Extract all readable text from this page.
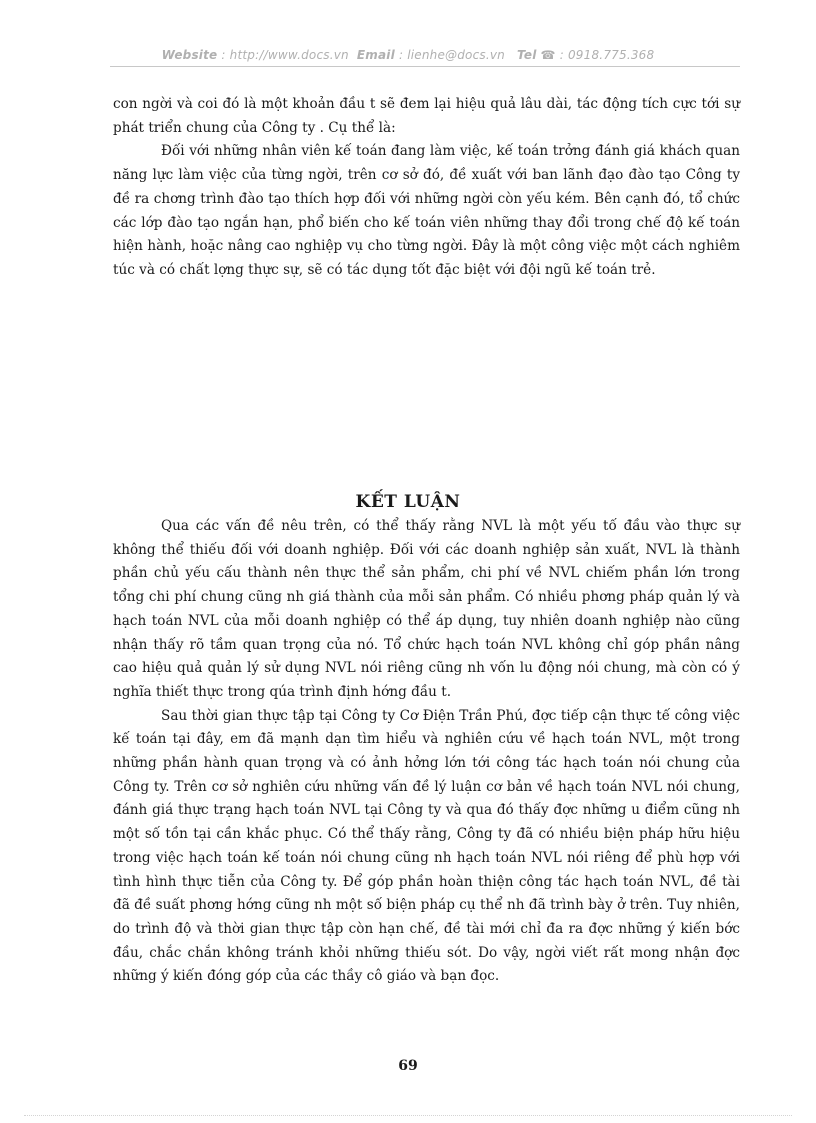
Website : http://www.docs.vn Email : lienhe@docs.vn Tel ☎ : 0918.775.368

con ngời và coi đó là một khoản đầu t sẽ đem lại hiệu quả lâu dài, tác động tích cực tới sự phát triển chung của Công ty . Cụ thể là:

Đối với những nhân viên kế toán đang làm việc, kế toán trởng đánh giá khách quan năng lực làm việc của từng ngời, trên cơ sở đó, đề xuất với ban lãnh đạo đào tạo Công ty đề ra chơng trình đào tạo thích hợp đối với những ngời còn yếu kém. Bên cạnh đó, tổ chức các lớp đào tạo ngắn hạn, phổ biến cho kế toán viên những thay đổi trong chế độ kế toán hiện hành, hoặc nâng cao nghiệp vụ cho từng ngời. Đây là một công việc một cách nghiêm túc và có chất lợng thực sự, sẽ có tác dụng tốt đặc biệt với đội ngũ kế toán trẻ.

KẾT LUẬN

Qua các vấn đề nêu trên, có thể thấy rằng NVL là một yếu tố đầu vào thực sự không thể thiếu đối với doanh nghiệp. Đối với các doanh nghiệp sản xuất, NVL là thành phần chủ yếu cấu thành nên thực thể sản phẩm, chi phí về NVL chiếm phần lớn trong tổng chi phí chung cũng nh giá thành của mỗi sản phẩm. Có nhiều phơng pháp quản lý và hạch toán NVL của mỗi doanh nghiệp có thể áp dụng, tuy nhiên doanh nghiệp nào cũng nhận thấy rõ tầm quan trọng của nó. Tổ chức hạch toán NVL không chỉ góp phần nâng cao hiệu quả quản lý sử dụng NVL nói riêng cũng nh vốn lu động nói chung, mà còn có ý nghĩa thiết thực trong qúa trình định hớng đầu t.

Sau thời gian thực tập tại Công ty Cơ Điện Trần Phú, đợc tiếp cận thực tế công việc kế toán tại đây, em đã mạnh dạn tìm hiểu và nghiên cứu về hạch toán NVL, một trong những phần hành quan trọng và có ảnh hởng lớn tới công tác hạch toán nói chung của Công ty. Trên cơ sở nghiên cứu những vấn đề lý luận cơ bản về hạch toán NVL nói chung, đánh giá thực trạng hạch toán NVL tại Công ty và qua đó thấy đợc những u điểm cũng nh một số tồn tại cần khắc phục. Có thể thấy rằng, Công ty đã có nhiều biện pháp hữu hiệu trong việc hạch toán kế toán nói chung cũng nh hạch toán NVL nói riêng để phù hợp với tình hình thực tiễn của Công ty. Để góp phần hoàn thiện công tác hạch toán NVL, đề tài đã đề suất phơng hớng cũng nh một số biện pháp cụ thể nh đã trình bày ở trên. Tuy nhiên, do trình độ và thời gian thực tập còn hạn chế, đề tài mới chỉ đa ra đợc những ý kiến bớc đầu, chắc chắn không tránh khỏi những thiếu sót. Do vậy, ngời viết rất mong nhận đợc những ý kiến đóng góp của các thầy cô giáo và bạn đọc.

69
